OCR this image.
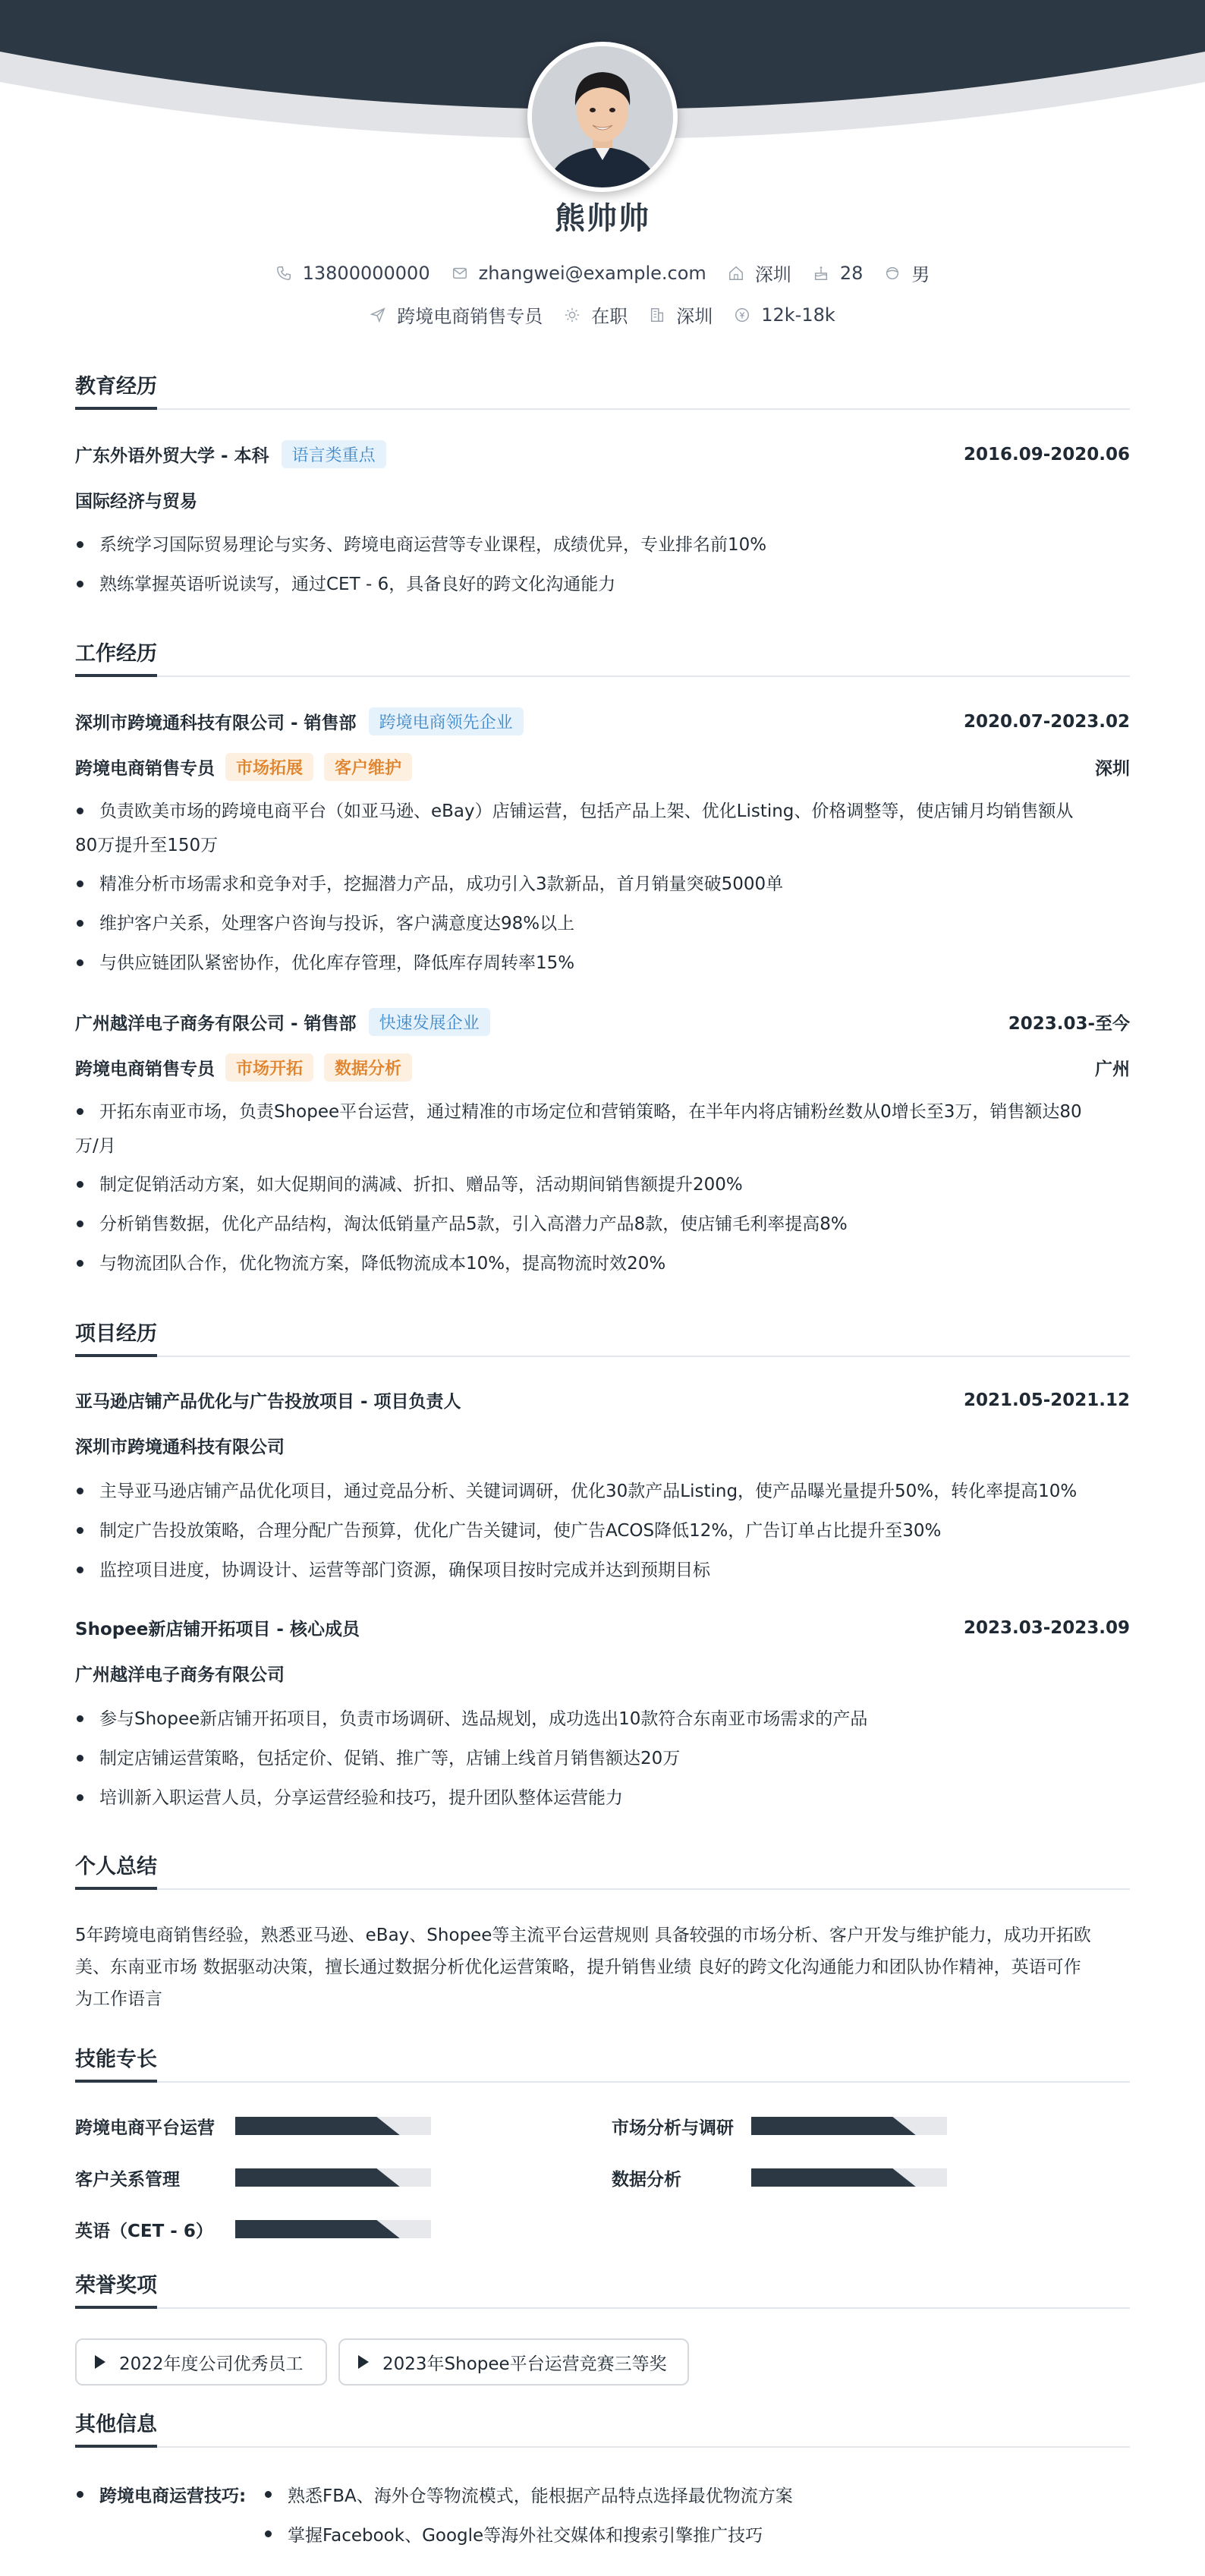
熊帅帅
13800000000	zhangwei@example.com	深圳	28	男
跨境电商销售专员	在职	深圳	12k-18k
教育经历
广东外语外贸大学 - 本科	语言类重点	2016.09-2020.06
国际经济与贸易
系统学习国际贸易理论与实务、跨境电商运营等专业课程，成绩优异，专业排名前10%
熟练掌握英语听说读写，通过CET - 6，具备良好的跨文化沟通能力
工作经历
深圳市跨境通科技有限公司 - 销售部	跨境电商领先企业	2020.07-2023.02
跨境电商销售专员	市场拓展	客户维护	深圳
负责欧美市场的跨境电商平台（如亚马逊、eBay）店铺运营，包括产品上架、优化Listing、价格调整等，使店铺月均销售额从
80万提升至150万
精准分析市场需求和竞争对手，挖掘潜力产品，成功引入3款新品，首月销量突破5000单
维护客户关系，处理客户咨询与投诉，客户满意度达98%以上
与供应链团队紧密协作，优化库存管理，降低库存周转率15%
广州越洋电子商务有限公司 - 销售部	快速发展企业	2023.03-至今
跨境电商销售专员	市场开拓	数据分析	广州
开拓东南亚市场，负责Shopee平台运营，通过精准的市场定位和营销策略，在半年内将店铺粉丝数从0增长至3万，销售额达80
万/月
制定促销活动方案，如大促期间的满减、折扣、赠品等，活动期间销售额提升200%
分析销售数据，优化产品结构，淘汰低销量产品5款，引入高潜力产品8款，使店铺毛利率提高8%
与物流团队合作，优化物流方案，降低物流成本10%，提高物流时效20%
项目经历
亚马逊店铺产品优化与广告投放项目 - 项目负责人	2021.05-2021.12
深圳市跨境通科技有限公司
主导亚马逊店铺产品优化项目，通过竞品分析、关键词调研，优化30款产品Listing，使产品曝光量提升50%，转化率提高10%
制定广告投放策略，合理分配广告预算，优化广告关键词，使广告ACOS降低12%，广告订单占比提升至30%
监控项目进度，协调设计、运营等部门资源，确保项目按时完成并达到预期目标
Shopee新店铺开拓项目 - 核心成员	2023.03-2023.09
广州越洋电子商务有限公司
参与Shopee新店铺开拓项目，负责市场调研、选品规划，成功选出10款符合东南亚市场需求的产品
制定店铺运营策略，包括定价、促销、推广等，店铺上线首月销售额达20万
培训新入职运营人员，分享运营经验和技巧，提升团队整体运营能力
个人总结
5年跨境电商销售经验，熟悉亚马逊、eBay、Shopee等主流平台运营规则 具备较强的市场分析、客户开发与维护能力，成功开拓欧
美、东南亚市场 数据驱动决策，擅长通过数据分析优化运营策略，提升销售业绩 良好的跨文化沟通能力和团队协作精神，英语可作
为工作语言
技能专长
跨境电商平台运营	市场分析与调研
客户关系管理	数据分析
英语（CET - 6）
荣誉奖项
2022年度公司优秀员工	2023年Shopee平台运营竞赛三等奖
其他信息
跨境电商运营技巧:	熟悉FBA、海外仓等物流模式，能根据产品特点选择最优物流方案
掌握Facebook、Google等海外社交媒体和搜索引擎推广技巧
